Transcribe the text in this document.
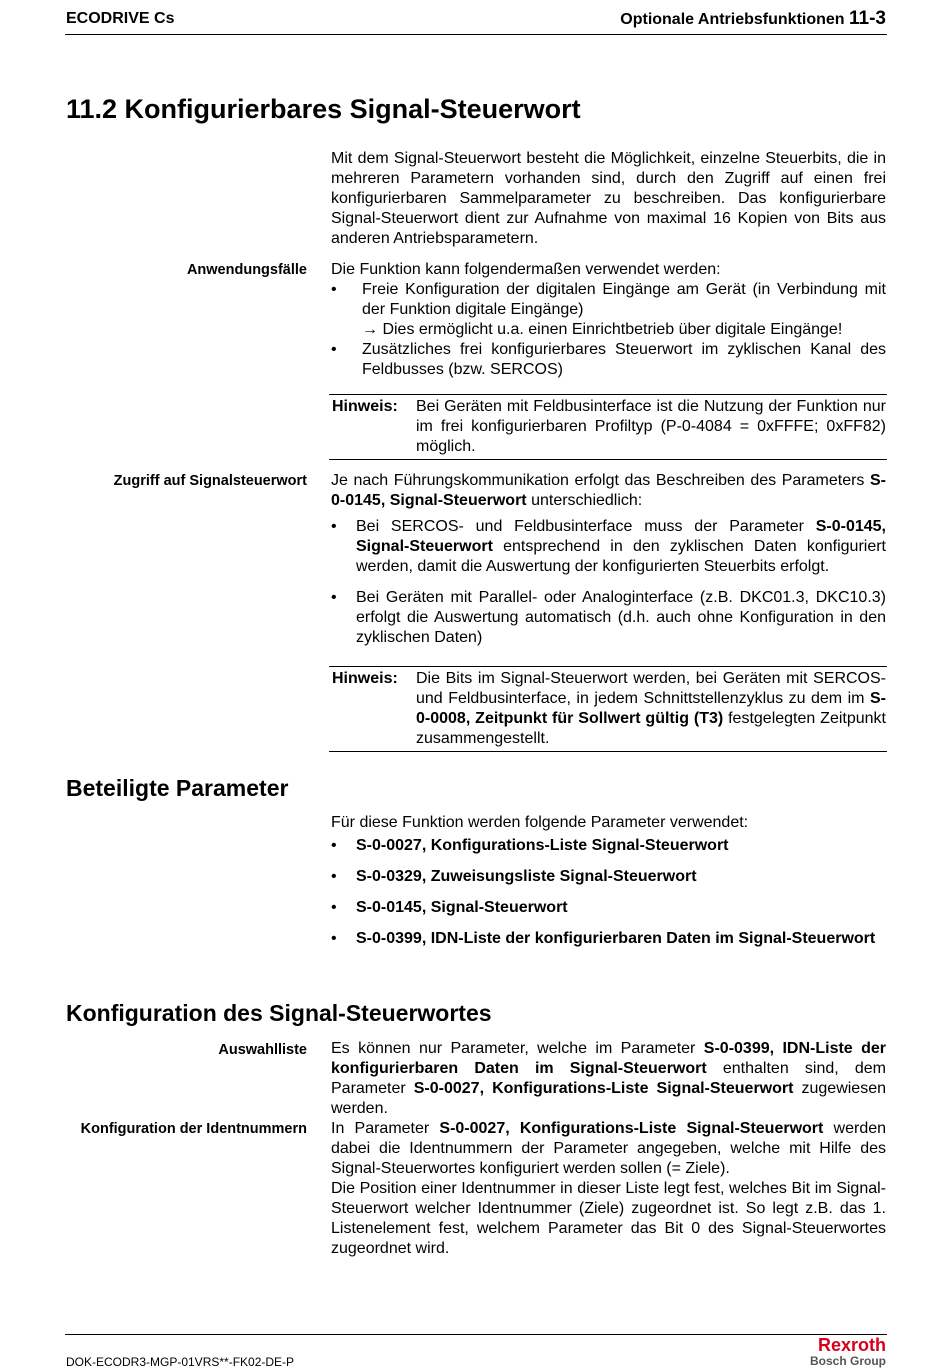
ECODRIVE Cs	Optionale Antriebsfunktionen 11-3
11.2 Konfigurierbares Signal-Steuerwort
Mit dem Signal-Steuerwort besteht die Möglichkeit, einzelne Steuerbits, die in mehreren Parametern vorhanden sind, durch den Zugriff auf einen frei konfigurierbaren Sammelparameter zu beschreiben. Das konfigurierbare Signal-Steuerwort dient zur Aufnahme von maximal 16 Kopien von Bits aus anderen Antriebsparametern.
Anwendungsfälle Die Funktion kann folgendermaßen verwendet werden:

• Freie Konfiguration der digitalen Eingänge am Gerät (in Verbindung mit der Funktion digitale Eingänge)
→ Dies ermöglicht u.a. einen Einrichtbetrieb über digitale Eingänge!
• Zusätzliches frei konfigurierbares Steuerwort im zyklischen Kanal des Feldbusses (bzw. SERCOS)
Hinweis: Bei Geräten mit Feldbusinterface ist die Nutzung der Funktion nur im frei konfigurierbaren Profiltyp (P-0-4084 = 0xFFFE; 0xFF82) möglich.
Zugriff auf Signalsteuerwort Je nach Führungskommunikation erfolgt das Beschreiben des Parameters S-0-0145, Signal-Steuerwort unterschiedlich:

• Bei SERCOS- und Feldbusinterface muss der Parameter S-0-0145, Signal-Steuerwort entsprechend in den zyklischen Daten konfiguriert werden, damit die Auswertung der konfigurierten Steuerbits erfolgt.
• Bei Geräten mit Parallel- oder Analoginterface (z.B. DKC01.3, DKC10.3) erfolgt die Auswertung automatisch (d.h. auch ohne Konfiguration in den zyklischen Daten)
Hinweis: Die Bits im Signal-Steuerwort werden, bei Geräten mit SERCOS- und Feldbusinterface, in jedem Schnittstellenzyklus zu dem im S-0-0008, Zeitpunkt für Sollwert gültig (T3) festgelegten Zeitpunkt zusammengestellt.
Beteiligte Parameter

Für diese Funktion werden folgende Parameter verwendet:

• S-0-0027, Konfigurations-Liste Signal-Steuerwort
• S-0-0329, Zuweisungsliste Signal-Steuerwort
• S-0-0145, Signal-Steuerwort
• S-0-0399, IDN-Liste der konfigurierbaren Daten im Signal-Steuerwort
Konfiguration des Signal-Steuerwortes
Auswahlliste Es können nur Parameter, welche im Parameter S-0-0399, IDN-Liste der konfigurierbaren Daten im Signal-Steuerwort enthalten sind, dem Parameter S-0-0027, Konfigurations-Liste Signal-Steuerwort zugewiesen werden.
Konfiguration der Identnummern In Parameter S-0-0027, Konfigurations-Liste Signal-Steuerwort werden dabei die Identnummern der Parameter angegeben, welche mit Hilfe des Signal-Steuerwortes konfiguriert werden sollen (= Ziele).

Die Position einer Identnummer in dieser Liste legt fest, welches Bit im Signal-Steuerwort welcher Identnummer (Ziele) zugeordnet ist. So legt z.B. das 1. Listenelement fest, welchem Parameter das Bit 0 des Signal-Steuerwortes zugeordnet wird.

DOK-ECODR3-MGP-01VRS**-FK02-DE-P
Rexroth
Bosch Group
